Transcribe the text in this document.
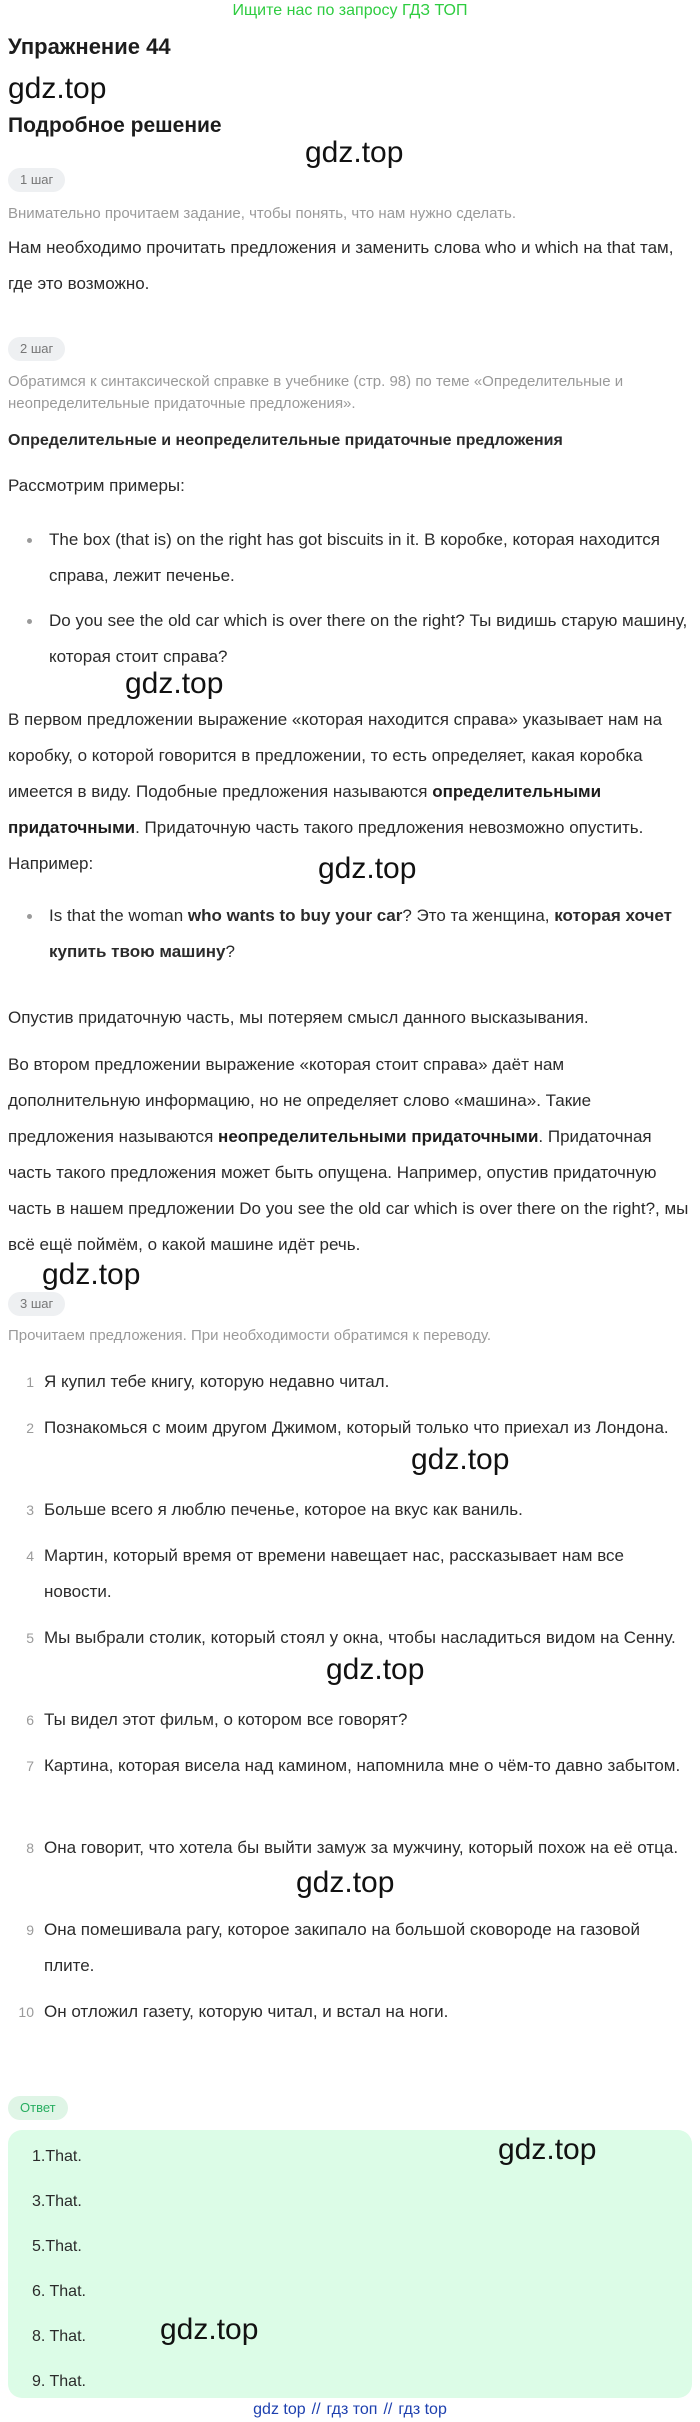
Ищите нас по запросу ГДЗ ТОП
Упражнение 44
gdz.top
Подробное решение
1 шаг
Внимательно прочитаем задание, чтобы понять, что нам нужно сделать.
Нам необходимо прочитать предложения и заменить слова who и which на that там, где это возможно.
2 шаг
Обратимся к синтаксической справке в учебнике (стр. 98) по теме «Определительные и неопределительные придаточные предложения».
Определительные и неопределительные придаточные предложения
Рассмотрим примеры:
The box (that is) on the right has got biscuits in it. В коробке, которая находится справа, лежит печенье.
Do you see the old car which is over there on the right? Ты видишь старую машину, которая стоит справа?
В первом предложении выражение «которая находится справа» указывает нам на коробку, о которой говорится в предложении, то есть определяет, какая коробка имеется в виду. Подобные предложения называются определительными придаточными. Придаточную часть такого предложения невозможно опустить. Например:
Is that the woman who wants to buy your car? Это та женщина, которая хочет купить твою машину?
Опустив придаточную часть, мы потеряем смысл данного высказывания.
Во втором предложении выражение «которая стоит справа» даёт нам дополнительную информацию, но не определяет слово «машина». Такие предложения называются неопределительными придаточными. Придаточная часть такого предложения может быть опущена. Например, опустив придаточную часть в нашем предложении Do you see the old car which is over there on the right?, мы всё ещё поймём, о какой машине идёт речь.
3 шаг
Прочитаем предложения. При необходимости обратимся к переводу.
1 Я купил тебе книгу, которую недавно читал.
2 Познакомься с моим другом Джимом, который только что приехал из Лондона.
3 Больше всего я люблю печенье, которое на вкус как ваниль.
4 Мартин, который время от времени навещает нас, рассказывает нам все новости.
5 Мы выбрали столик, который стоял у окна, чтобы насладиться видом на Сенну.
6 Ты видел этот фильм, о котором все говорят?
7 Картина, которая висела над камином, напомнила мне о чём-то давно забытом.
8 Она говорит, что хотела бы выйти замуж за мужчину, который похож на её отца.
9 Она помешивала рагу, которое закипало на большой сковороде на газовой плите.
10 Он отложил газету, которую читал, и встал на ноги.
Ответ
1.That.
3.That.
5.That.
6. That.
8. That.
9. That.
gdz.top
gdz.top
gdz.top
gdz.top
gdz.top
gdz.top
gdz.top
gdz.top
gdz.top
gdz top // гдз топ // гдз top
